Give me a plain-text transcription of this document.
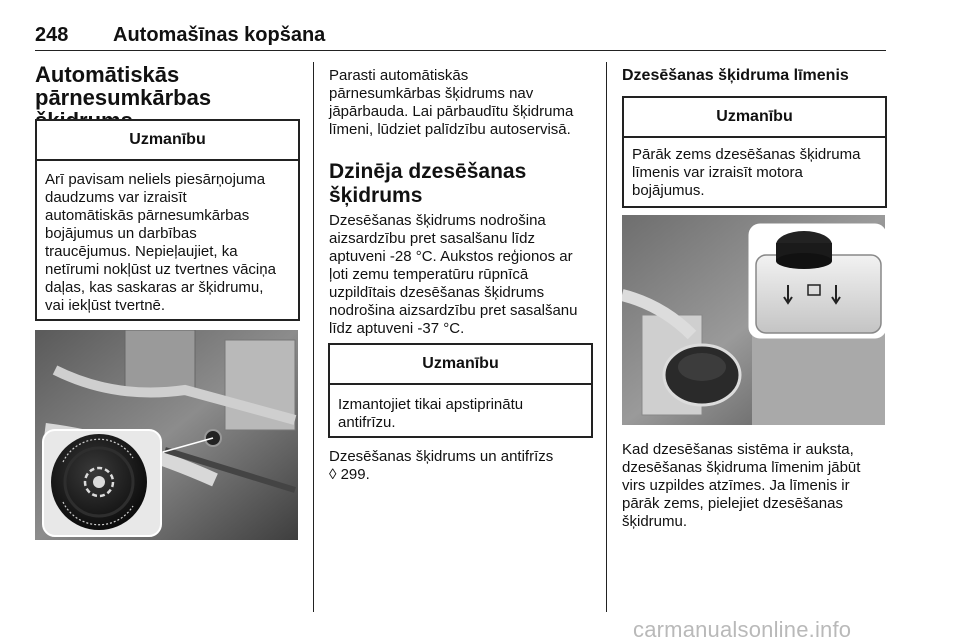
248 Automašīnas kopšana
Automātiskās
pārnesumkārbas
Uzmanību
Arī pavisam neliels piesārņojuma
daudzums var izraisīt
automātiskās pārnesumkārbas
bojājumus un darbības
traucējumus. Nepieļaujiet, ka
netīrumi nokļūst uz tvertnes vāciņa
daļas, kas saskaras ar šķidrumu,
vai iekļūst tvertnē.
Parasti automātiskās
pārnesumkārbas šķidrums nav
jāpārbauda. Lai pārbaudītu šķidruma
līmeni, lūdziet palīdzību autoservisā.
Dzinēja dzesēšanas
šķidrums
Dzesēšanas šķidrums nodrošina
aizsardzību pret sasalšanu līdz
aptuveni -28 °C. Aukstos reģionos ar
ļoti zemu temperatūru rūpnīcā
uzpildītais dzesēšanas šķidrums
nodrošina aizsardzību pret sasalšanu
līdz aptuveni -37 °C.
Uzmanību
Izmantojiet tikai apstiprinātu
antifrīzu.
Dzesēšanas šķidrums un antifrīzs
◊ 299.
Dzesēšanas šķidruma līmenis
Uzmanību
Pārāk zems dzesēšanas šķidruma
līmenis var izraisīt motora
bojājumus.
Kad dzesēšanas sistēma ir auksta,
dzesēšanas šķidruma līmenim jābūt
virs uzpildes atzīmes. Ja līmenis ir
pārāk zems, pielejiet dzesēšanas
šķidrumu.
carmanualsonline.info
